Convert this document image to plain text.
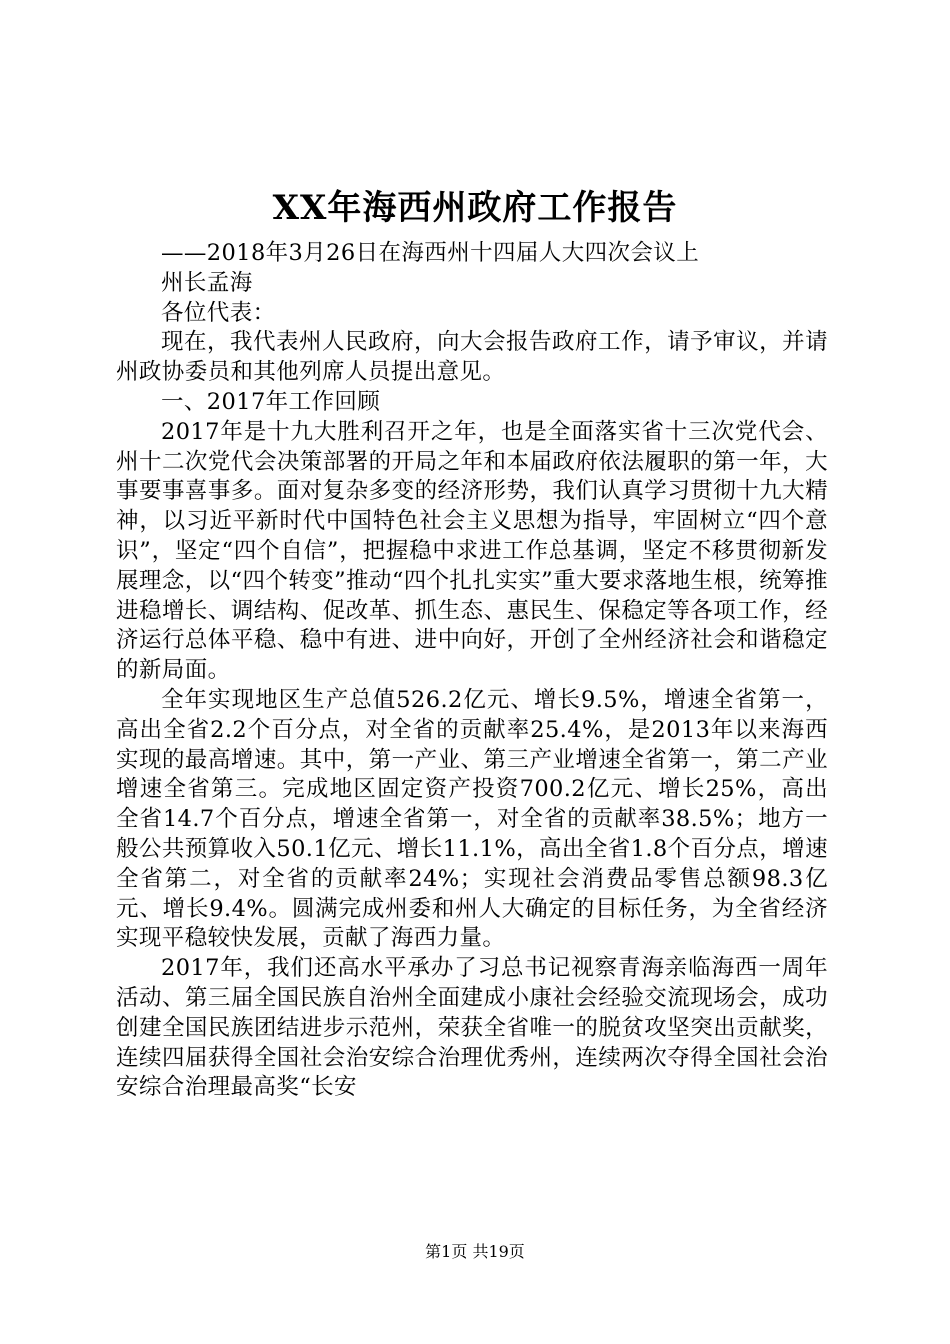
XX年海西州政府工作报告

——2018年3月26日在海西州十四届人大四次会议上

州长孟海

各位代表：

现在，我代表州人民政府，向大会报告政府工作，请予审议，并请州政协委员和其他列席人员提出意见。

一、2017年工作回顾

2017年是十九大胜利召开之年，也是全面落实省十三次党代会、州十二次党代会决策部署的开局之年和本届政府依法履职的第一年，大事要事喜事多。面对复杂多变的经济形势，我们认真学习贯彻十九大精神，以习近平新时代中国特色社会主义思想为指导，牢固树立“四个意识”，坚定“四个自信”，把握稳中求进工作总基调，坚定不移贯彻新发展理念，以“四个转变”推动“四个扎扎实实”重大要求落地生根，统筹推进稳增长、调结构、促改革、抓生态、惠民生、保稳定等各项工作，经济运行总体平稳、稳中有进、进中向好，开创了全州经济社会和谐稳定的新局面。

全年实现地区生产总值526.2亿元、增长9.5%，增速全省第一，高出全省2.2个百分点，对全省的贡献率25.4%，是2013年以来海西实现的最高增速。其中，第一产业、第三产业增速全省第一，第二产业增速全省第三。完成地区固定资产投资700.2亿元、增长25%，高出全省14.7个百分点，增速全省第一，对全省的贡献率38.5%；地方一般公共预算收入50.1亿元、增长11.1%，高出全省1.8个百分点，增速全省第二，对全省的贡献率24%；实现社会消费品零售总额98.3亿元、增长9.4%。圆满完成州委和州人大确定的目标任务，为全省经济实现平稳较快发展，贡献了海西力量。

2017年，我们还高水平承办了习总书记视察青海亲临海西一周年活动、第三届全国民族自治州全面建成小康社会经验交流现场会，成功创建全国民族团结进步示范州，荣获全省唯一的脱贫攻坚突出贡献奖，连续四届获得全国社会治安综合治理优秀州，连续两次夺得全国社会治安综合治理最高奖“长安

第1页 共19页
